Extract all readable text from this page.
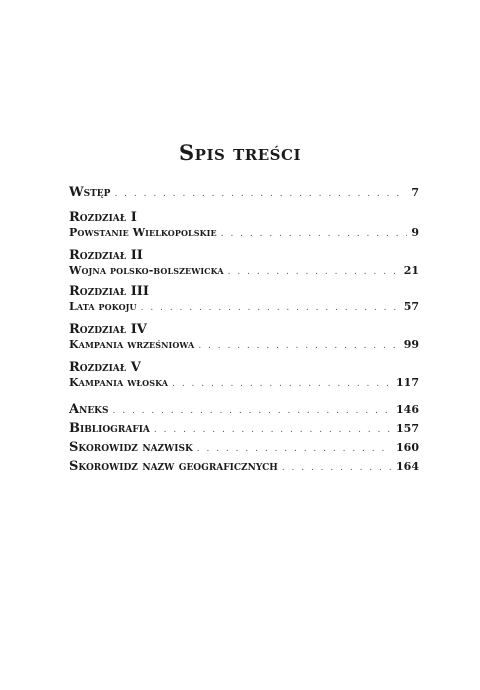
Spis treści
Wstęp . . .	7
Rozdział I
Powstanie Wielkopolskie . . .	9
Rozdział II
Wojna polsko-bolszewicka . . .	21
Rozdział III
Lata pokoju . . .	57
Rozdział IV
Kampania wrześniowa . . .	99
Rozdział V
Kampania włoska . . .	117
Aneks . . .	146
Bibliografia . . .	157
Skorowidz nazwisk . . .	160
Skorowidz nazw geograficznych . . .	164
